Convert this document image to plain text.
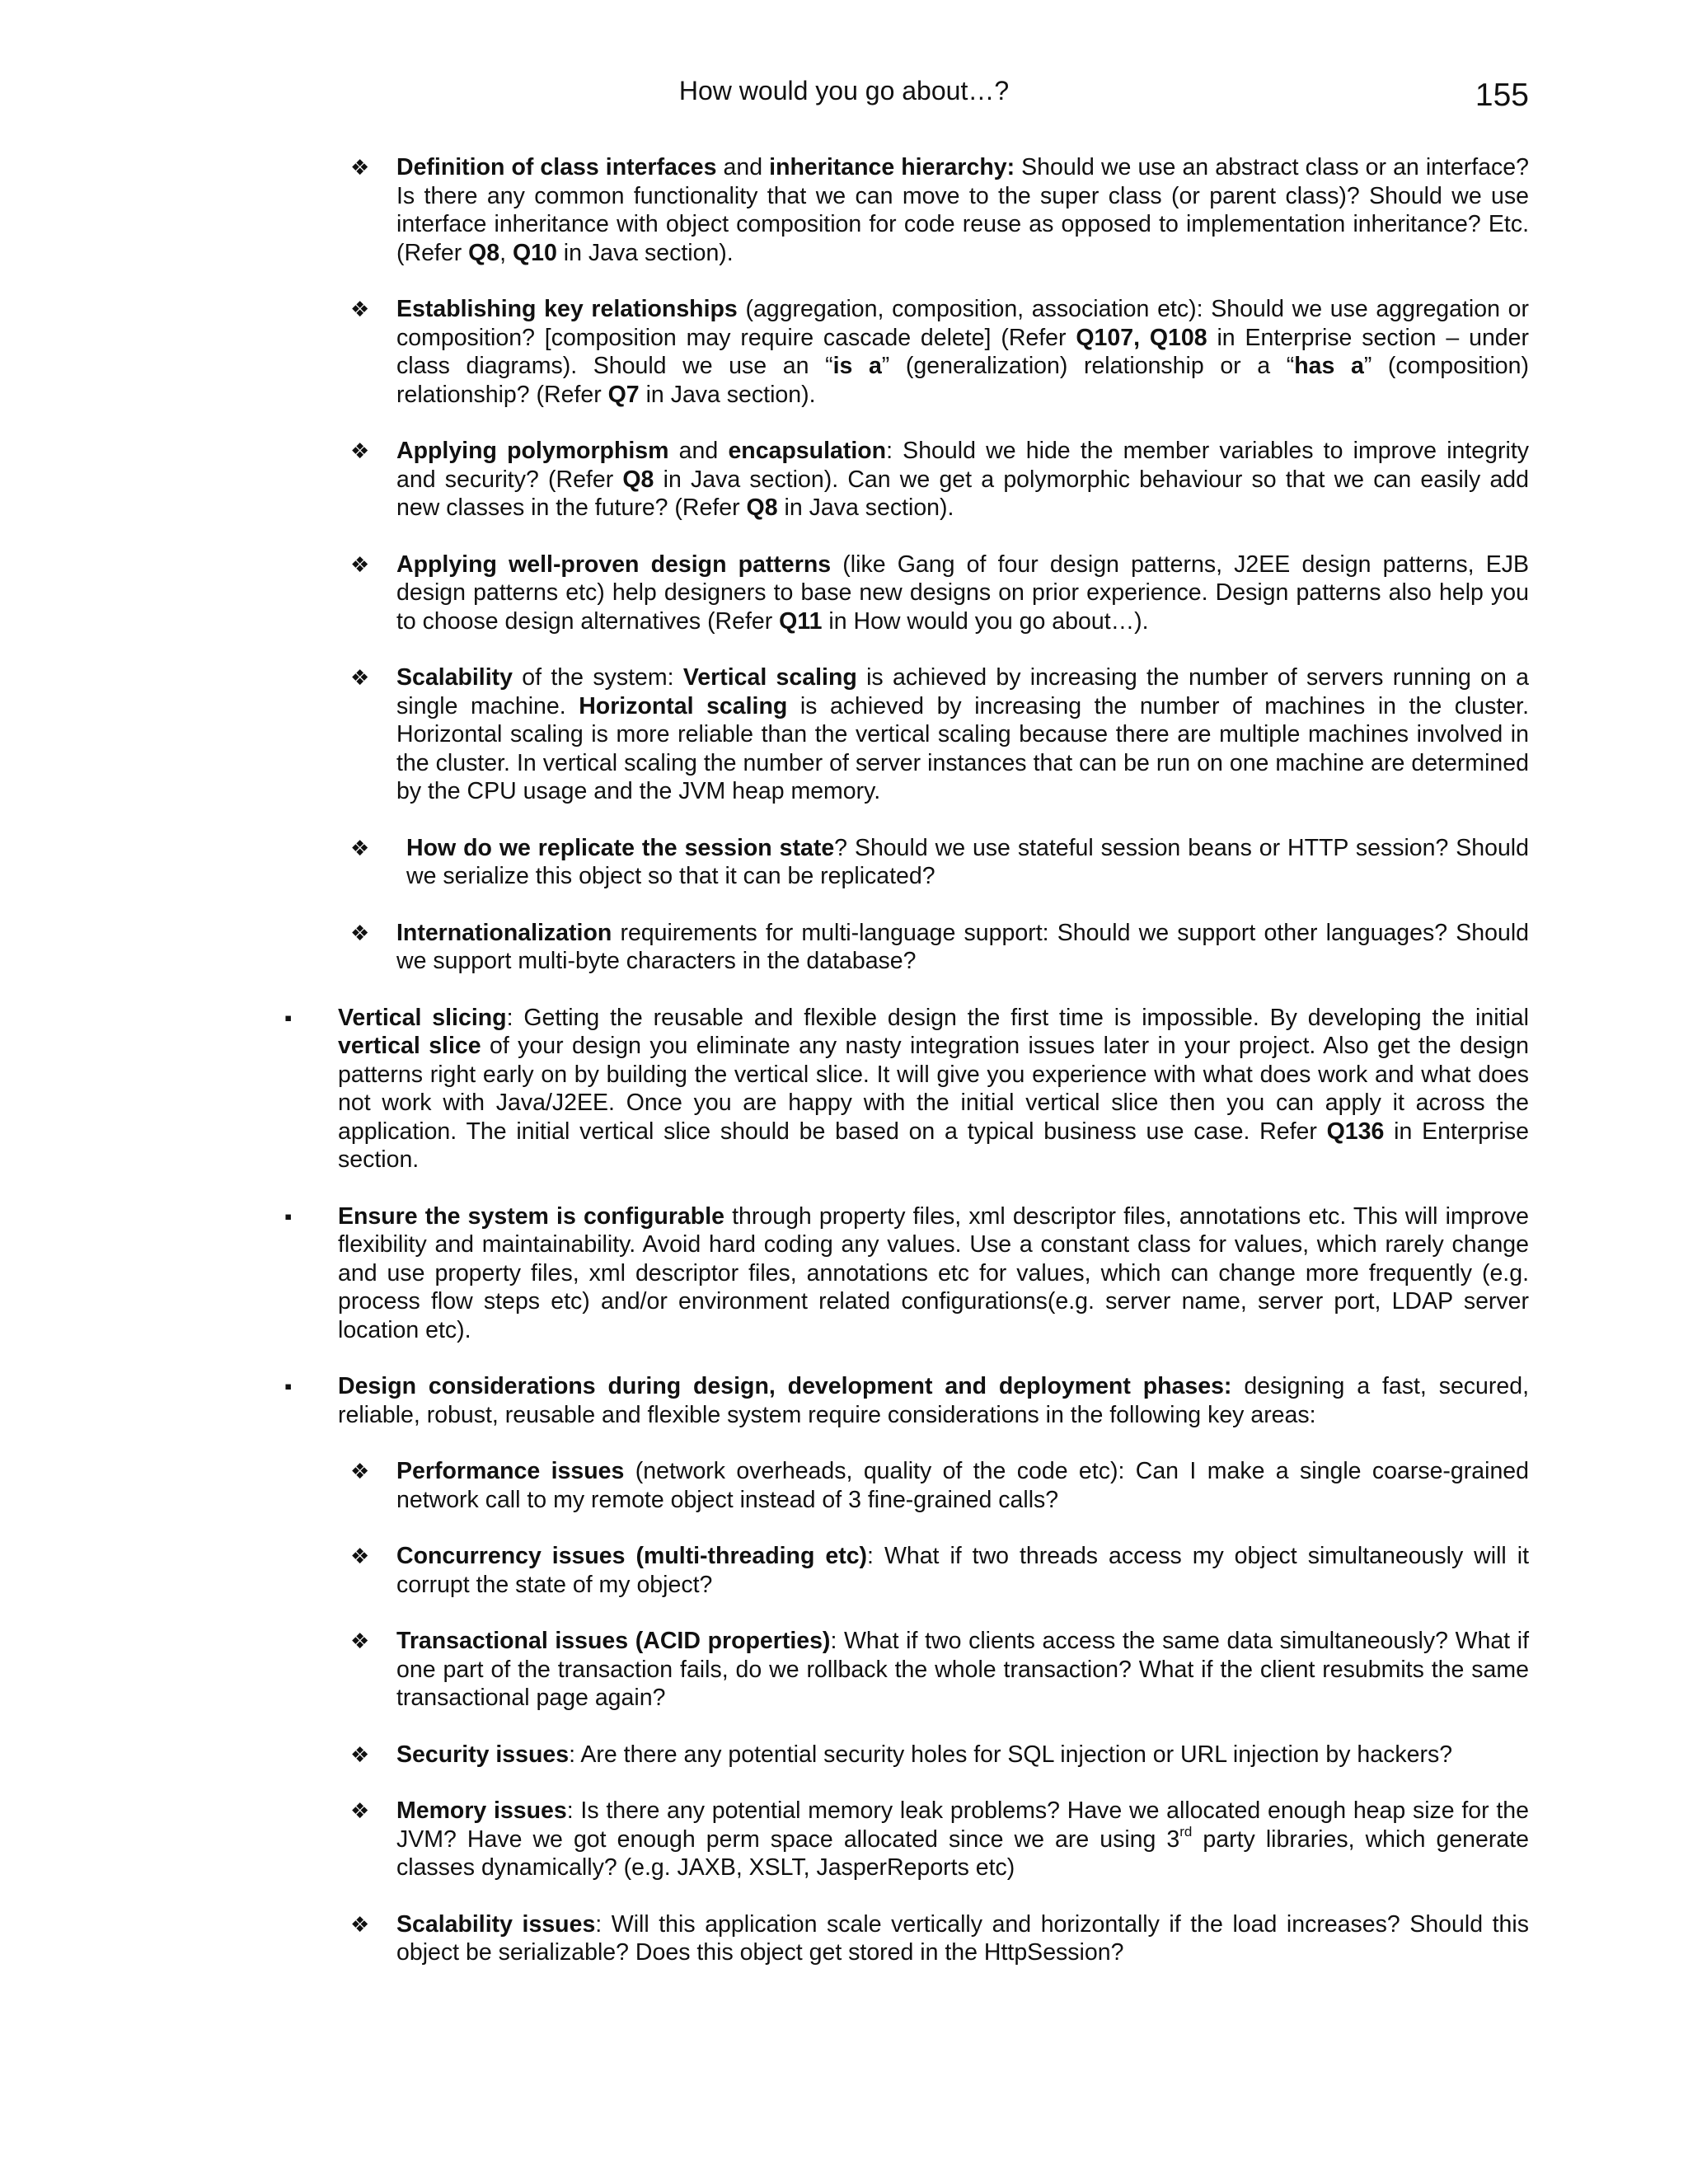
How would you go about…?	155
❖ Definition of class interfaces and inheritance hierarchy: Should we use an abstract class or an interface? Is there any common functionality that we can move to the super class (or parent class)? Should we use interface inheritance with object composition for code reuse as opposed to implementation inheritance? Etc. (Refer Q8, Q10 in Java section).
❖ Establishing key relationships (aggregation, composition, association etc): Should we use aggregation or composition? [composition may require cascade delete] (Refer Q107, Q108 in Enterprise section – under class diagrams). Should we use an “is a” (generalization) relationship or a “has a” (composition) relationship? (Refer Q7 in Java section).
❖ Applying polymorphism and encapsulation: Should we hide the member variables to improve integrity and security? (Refer Q8 in Java section). Can we get a polymorphic behaviour so that we can easily add new classes in the future? (Refer Q8 in Java section).
❖ Applying well-proven design patterns (like Gang of four design patterns, J2EE design patterns, EJB design patterns etc) help designers to base new designs on prior experience. Design patterns also help you to choose design alternatives (Refer Q11 in How would you go about…).
❖ Scalability of the system: Vertical scaling is achieved by increasing the number of servers running on a single machine. Horizontal scaling is achieved by increasing the number of machines in the cluster. Horizontal scaling is more reliable than the vertical scaling because there are multiple machines involved in the cluster. In vertical scaling the number of server instances that can be run on one machine are determined by the CPU usage and the JVM heap memory.
❖ How do we replicate the session state? Should we use stateful session beans or HTTP session? Should we serialize this object so that it can be replicated?
❖ Internationalization requirements for multi-language support: Should we support other languages? Should we support multi-byte characters in the database?
▪ Vertical slicing: Getting the reusable and flexible design the first time is impossible. By developing the initial vertical slice of your design you eliminate any nasty integration issues later in your project. Also get the design patterns right early on by building the vertical slice. It will give you experience with what does work and what does not work with Java/J2EE. Once you are happy with the initial vertical slice then you can apply it across the application. The initial vertical slice should be based on a typical business use case. Refer Q136 in Enterprise section.
▪ Ensure the system is configurable through property files, xml descriptor files, annotations etc. This will improve flexibility and maintainability. Avoid hard coding any values. Use a constant class for values, which rarely change and use property files, xml descriptor files, annotations etc for values, which can change more frequently (e.g. process flow steps etc) and/or environment related configurations(e.g. server name, server port, LDAP server location etc).
▪ Design considerations during design, development and deployment phases: designing a fast, secured, reliable, robust, reusable and flexible system require considerations in the following key areas:
❖ Performance issues (network overheads, quality of the code etc): Can I make a single coarse-grained network call to my remote object instead of 3 fine-grained calls?
❖ Concurrency issues (multi-threading etc): What if two threads access my object simultaneously will it corrupt the state of my object?
❖ Transactional issues (ACID properties): What if two clients access the same data simultaneously? What if one part of the transaction fails, do we rollback the whole transaction? What if the client resubmits the same transactional page again?
❖ Security issues: Are there any potential security holes for SQL injection or URL injection by hackers?
❖ Memory issues: Is there any potential memory leak problems? Have we allocated enough heap size for the JVM? Have we got enough perm space allocated since we are using 3rd party libraries, which generate classes dynamically? (e.g. JAXB, XSLT, JasperReports etc)
❖ Scalability issues: Will this application scale vertically and horizontally if the load increases? Should this object be serializable? Does this object get stored in the HttpSession?
